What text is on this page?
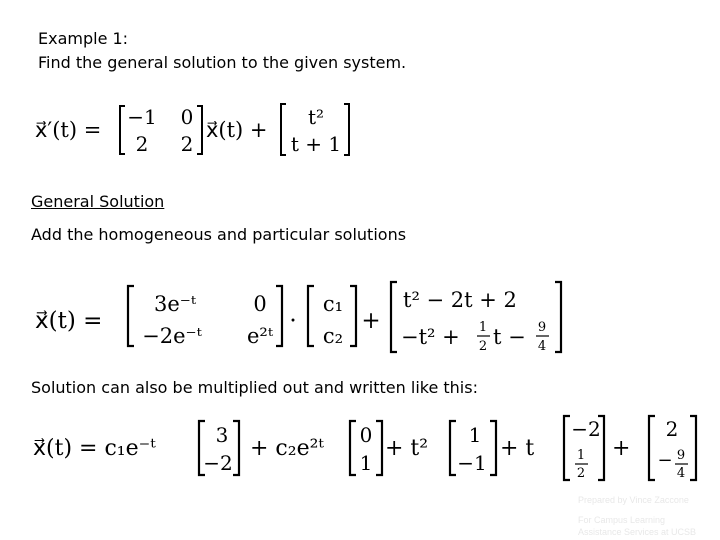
Example 1:
Find the general solution to the given system.
x⃗′(t) =
−1 0
2 2
x⃗(t) +
t²
t + 1
x⃗(t) =
3e⁻ᵗ	0
−2e⁻ᵗ e²ᵗ
·
c₁
c₂
+
t² − 2t + 2
−t² + 1
2 t − 9
4
x⃗(t) = c₁e⁻ᵗ
3
−2
+ c₂e²ᵗ
0
1
+ t²
1
−1
+ t
−2
1
2
+
2
− 9
4
General Solution
Add the homogeneous and particular solutions
Solution can also be multiplied out and written like this:
Prepared by Vince Zaccone
For Campus Learning
Assistance Services at UCSB
